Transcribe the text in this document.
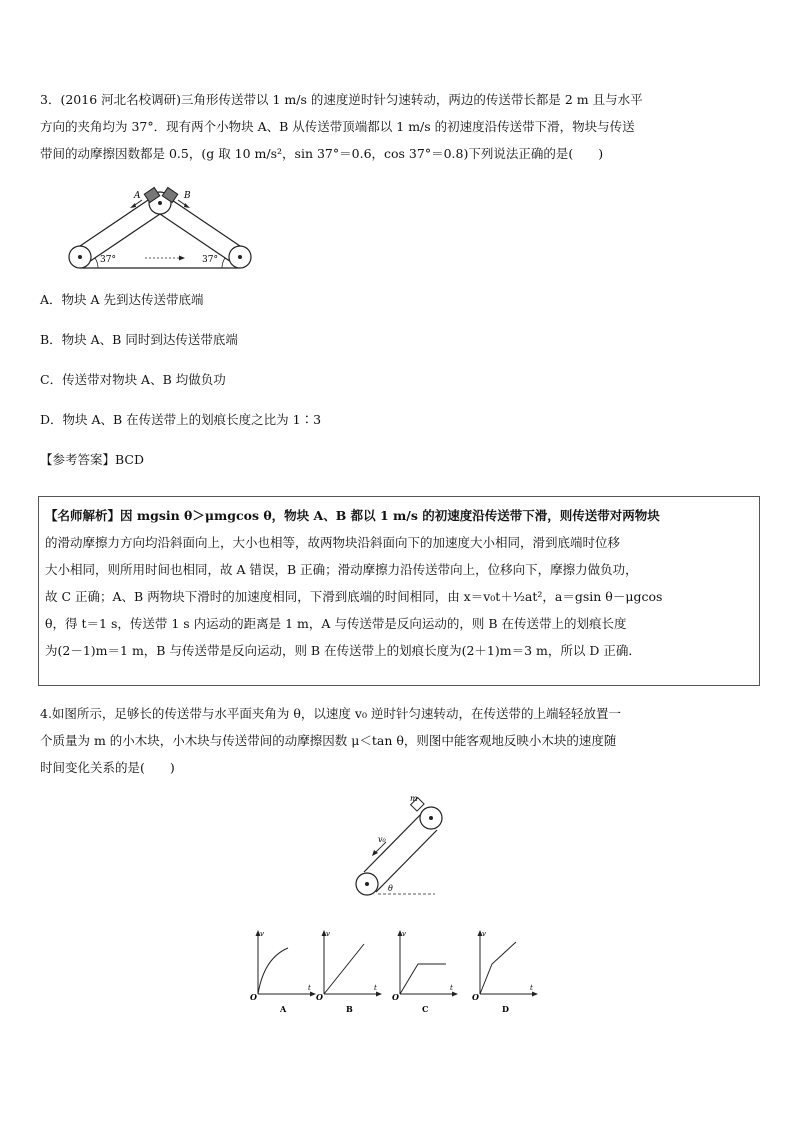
3．(2016 河北名校调研)三角形传送带以 1 m/s 的速度逆时针匀速转动，两边的传送带长都是 2 m 且与水平
方向的夹角均为 37°．现有两个小物块 A、B 从传送带顶端都以 1 m/s 的初速度沿传送带下滑，物块与传送
带间的动摩擦因数都是 0.5，(g 取 10 m/s²，sin 37°＝0.6，cos 37°＝0.8)下列说法正确的是(　　)
A	B
37°	37°
A．物块 A 先到达传送带底端
B．物块 A、B 同时到达传送带底端
C．传送带对物块 A、B 均做负功
D．物块 A、B 在传送带上的划痕长度之比为 1∶3
【参考答案】BCD
【名师解析】因 mgsin θ＞μmgcos θ，物块 A、B 都以 1 m/s 的初速度沿传送带下滑，则传送带对两物块
的滑动摩擦力方向均沿斜面向上，大小也相等，故两物块沿斜面向下的加速度大小相同，滑到底端时位移
大小相同，则所用时间也相同，故 A 错误，B 正确；滑动摩擦力沿传送带向上，位移向下，摩擦力做负功，
故 C 正确；A、B 两物块下滑时的加速度相同，下滑到底端的时间相同，由 x＝v₀t＋½at²，a＝gsin θ－μgcos
θ，得 t＝1 s，传送带 1 s 内运动的距离是 1 m，A 与传送带是反向运动的，则 B 在传送带上的划痕长度
为(2－1)m＝1 m，B 与传送带是反向运动，则 B 在传送带上的划痕长度为(2＋1)m＝3 m，所以 D 正确．
4.如图所示，足够长的传送带与水平面夹角为 θ，以速度 v₀ 逆时针匀速转动，在传送带的上端轻轻放置一
个质量为 m 的小木块，小木块与传送带间的动摩擦因数 μ＜tan θ，则图中能客观地反映小木块的速度随
时间变化关系的是(　　)
m
v₀
θ
v
t
O
A
v
t
O
B
v
t
O
C
v
t
O
D
